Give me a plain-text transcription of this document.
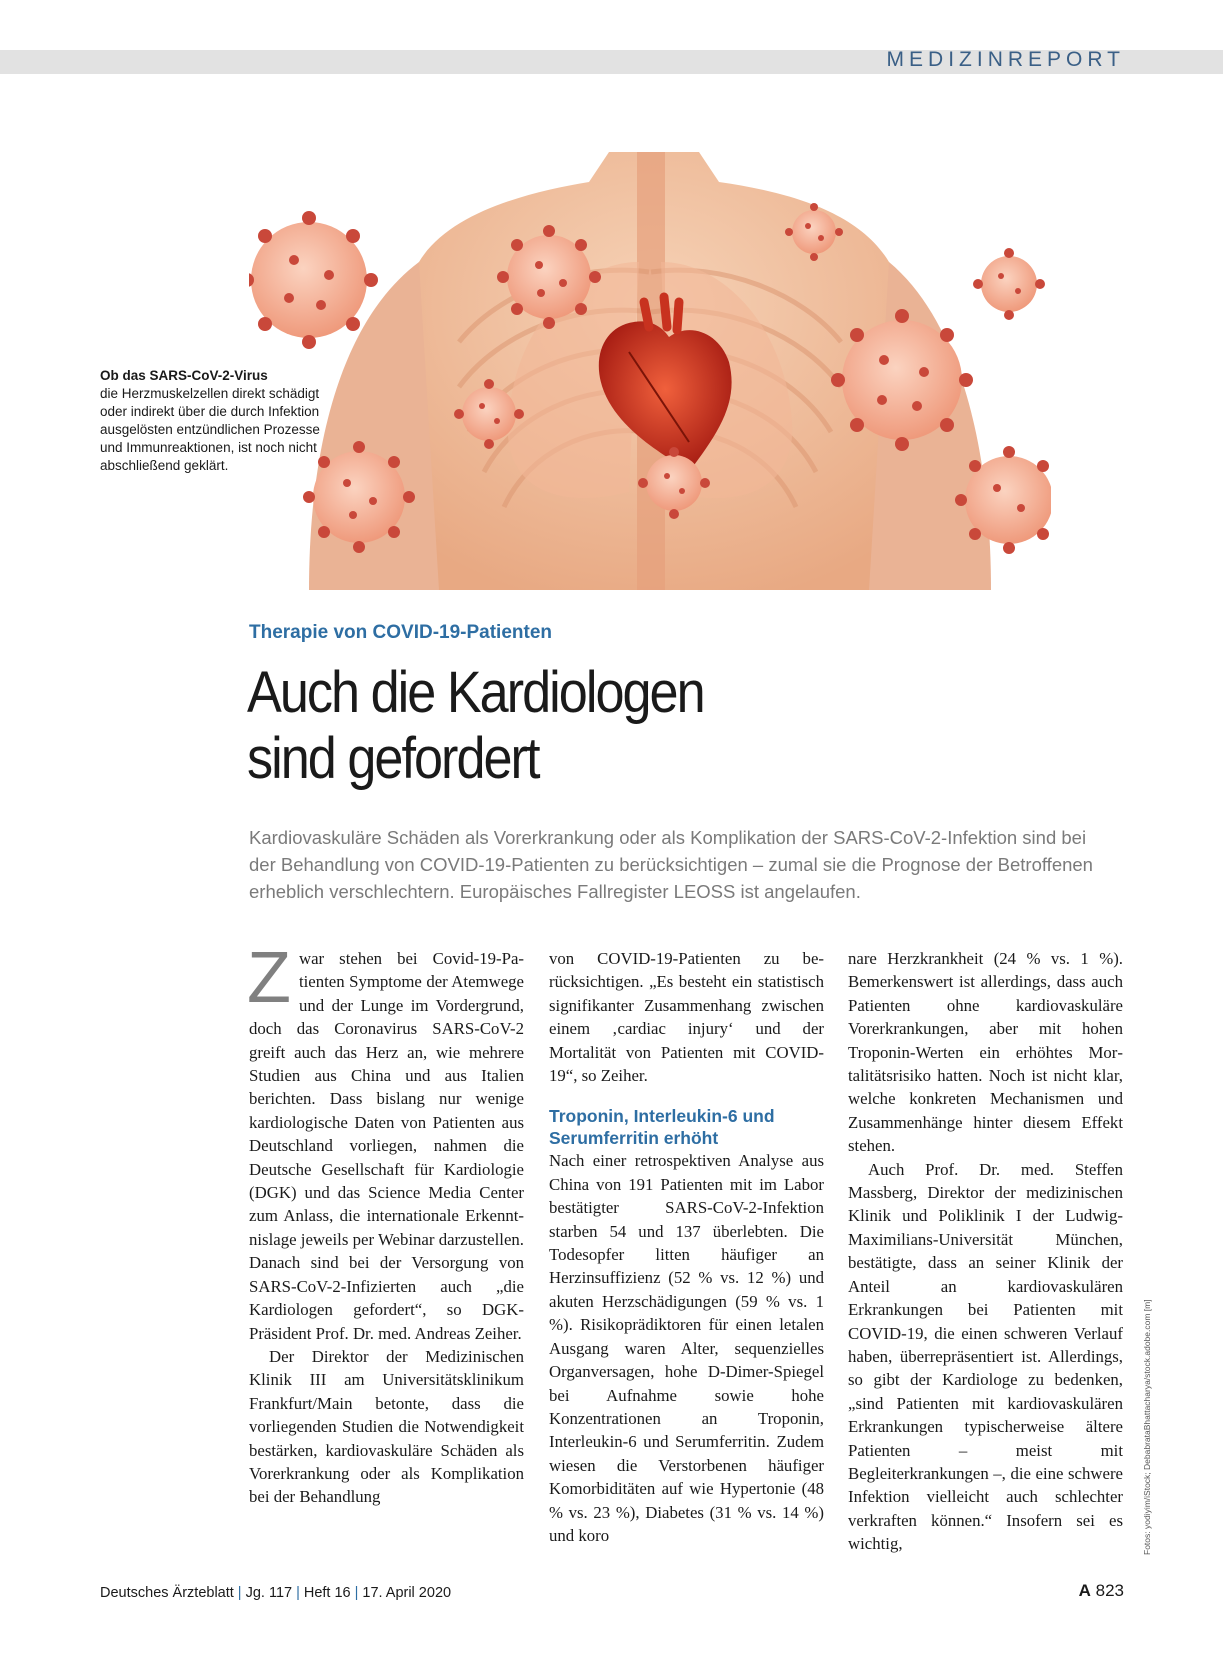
MEDIZINREPORT
Ob das SARS-CoV-2-Virus
die Herzmuskelzellen direkt schädigt oder indirekt über die durch Infektion ausgelösten entzündlichen Prozesse und Immunreaktionen, ist noch nicht abschließend geklärt.
Therapie von COVID-19-Patienten
Auch die Kardiologen
sind gefordert
Kardiovaskuläre Schäden als Vorerkrankung oder als Komplikation der SARS-CoV-2-Infektion sind bei der Behandlung von COVID-19-Patienten zu berücksichtigen – zumal sie die Prognose der Betroffenen erheblich verschlechtern. Europäisches Fallregister LEOSS ist angelaufen.

Zwar stehen bei Covid-19-Patienten Symptome der Atemwege und der Lunge im Vordergrund, doch das Coronavirus SARS-CoV-2 greift auch das Herz an, wie mehrere Studien aus China und aus Italien berichten. Dass bislang nur wenige kardiologische Daten von Patienten aus Deutschland vorliegen, nahmen die Deutsche Gesellschaft für Kardiologie (DGK) und das Science Media Center zum Anlass, die internationale Erkenntnislage jeweils per Webinar darzustellen. Danach sind bei der Versorgung von SARS-CoV-2-Infizierten auch „die Kardiologen gefordert“, so DGK-Präsident Prof. Dr. med. Andreas Zeiher.

Der Direktor der Medizinischen Klinik III am Universitätsklinikum Frankfurt/Main betonte, dass die vorliegenden Studien die Notwendigkeit bestärken, kardiovaskuläre Schäden als Vorerkrankung oder als Komplikation bei der Behandlung

von COVID-19-Patienten zu berücksichtigen. „Es besteht ein statistisch signifikanter Zusammenhang zwischen einem ‚cardiac injury‘ und der Mortalität von Patienten mit COVID-19“, so Zeiher.

Troponin, Interleukin-6 und Serumferritin erhöht

Nach einer retrospektiven Analyse aus China von 191 Patienten mit im Labor bestätigter SARS-CoV-2-Infektion starben 54 und 137 überlebten. Die Todesopfer litten häufiger an Herzinsuffizienz (52 % vs. 12 %) und akuten Herzschädigungen (59 % vs. 1 %). Risikoprädiktoren für einen letalen Ausgang waren Alter, sequenzielles Organversagen, hohe D-Dimer-Spiegel bei Aufnahme sowie hohe Konzentrationen an Troponin, Interleukin-6 und Serumferritin. Zudem wiesen die Verstorbenen häufiger Komorbiditäten auf wie Hypertonie (48 % vs. 23 %), Diabetes (31 % vs. 14 %) und koro

nare Herzkrankheit (24 % vs. 1 %). Bemerkenswert ist allerdings, dass auch Patienten ohne kardiovaskuläre Vorerkrankungen, aber mit hohen Troponin-Werten ein erhöhtes Mortalitätsrisiko hatten. Noch ist nicht klar, welche konkreten Mechanismen und Zusammenhänge hinter diesem Effekt stehen.

Auch Prof. Dr. med. Steffen Massberg, Direktor der medizinischen Klinik und Poliklinik I der Ludwig-Maximilians-Universität München, bestätigte, dass an seiner Klinik der Anteil an kardiovaskulären Erkrankungen bei Patienten mit COVID-19, die einen schweren Verlauf haben, überrepräsentiert ist. Allerdings, so gibt der Kardiologe zu bedenken, „sind Patienten mit kardiovaskulären Erkrankungen typischerweise ältere Patienten – meist mit Begleiterkrankungen –, die eine schwere Infektion vielleicht auch schlechter verkraften können.“ Insofern sei es wichtig,	Fotos: yodiyim/iStock; DebabrataBhattacharya/stock.adobe.com [m]
Deutsches Ärzteblatt | Jg. 117 | Heft 16 | 17. April 2020	A 823
